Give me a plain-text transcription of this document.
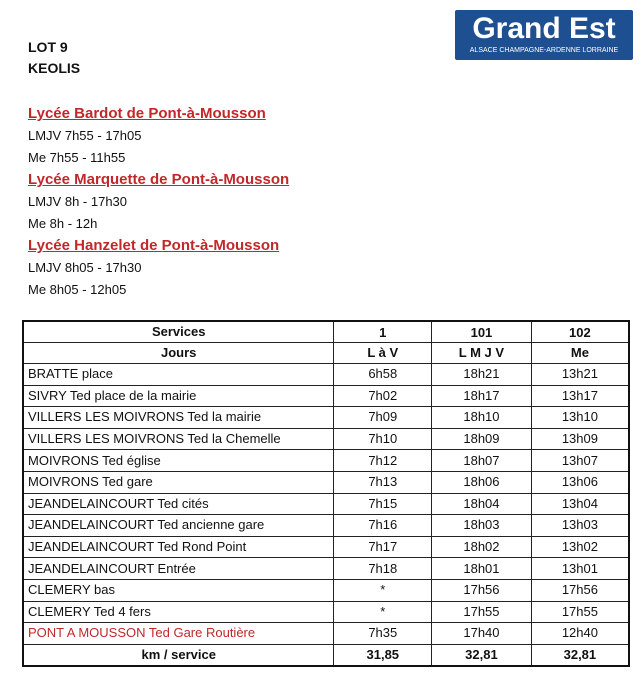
LOT 9
KEOLIS
Grand Est
ALSACE CHAMPAGNE-ARDENNE LORRAINE
Lycée Bardot de Pont-à-Mousson
LMJV 7h55 - 17h05
Me 7h55 - 11h55
Lycée Marquette de Pont-à-Mousson
LMJV 8h - 17h30
Me 8h - 12h
Lycée Hanzelet de Pont-à-Mousson
LMJV 8h05 - 17h30
Me 8h05 - 12h05
Services	1	101	102
Jours	L à V	L M J V	Me
BRATTE place	6h58	18h21	13h21
SIVRY Ted place de la mairie	7h02	18h17	13h17
VILLERS LES MOIVRONS Ted la mairie	7h09	18h10	13h10
VILLERS LES MOIVRONS Ted la Chemelle	7h10	18h09	13h09
MOIVRONS Ted église	7h12	18h07	13h07
MOIVRONS Ted gare	7h13	18h06	13h06
JEANDELAINCOURT Ted cités	7h15	18h04	13h04
JEANDELAINCOURT Ted ancienne gare	7h16	18h03	13h03
JEANDELAINCOURT Ted Rond Point	7h17	18h02	13h02
JEANDELAINCOURT Entrée	7h18	18h01	13h01
CLEMERY bas	*	17h56	17h56
CLEMERY Ted 4 fers	*	17h55	17h55
PONT A MOUSSON Ted Gare Routière	7h35	17h40	12h40
km / service	31,85	32,81	32,81
